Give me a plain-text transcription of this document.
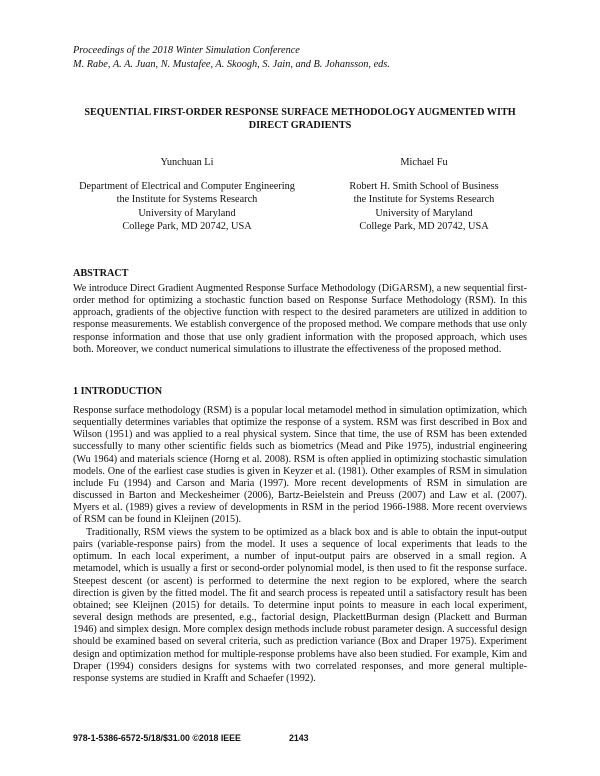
Proceedings of the 2018 Winter Simulation Conference
M. Rabe, A. A. Juan, N. Mustafee, A. Skoogh, S. Jain, and B. Johansson, eds.
SEQUENTIAL FIRST-ORDER RESPONSE SURFACE METHODOLOGY AUGMENTED WITH
DIRECT GRADIENTS
Yunchuan Li
Department of Electrical and Computer Engineering
the Institute for Systems Research
University of Maryland
College Park, MD 20742, USA
Michael Fu
Robert H. Smith School of Business
the Institute for Systems Research
University of Maryland
College Park, MD 20742, USA
ABSTRACT

We introduce Direct Gradient Augmented Response Surface Methodology (DiGARSM), a new sequential first-order method for optimizing a stochastic function based on Response Surface Methodology (RSM). In this approach, gradients of the objective function with respect to the desired parameters are utilized in addition to response measurements. We establish convergence of the proposed method. We compare methods that use only response information and those that use only gradient information with the proposed approach, which uses both. Moreover, we conduct numerical simulations to illustrate the effectiveness of the proposed method.

1 INTRODUCTION

Response surface methodology (RSM) is a popular local metamodel method in simulation optimization, which sequentially determines variables that optimize the response of a system. RSM was first described in Box and Wilson (1951) and was applied to a real physical system. Since that time, the use of RSM has been extended successfully to many other scientific fields such as biometrics (Mead and Pike 1975), industrial engineering (Wu 1964) and materials science (Horng et al. 2008). RSM is often applied in optimizing stochastic simulation models. One of the earliest case studies is given in Keyzer et al. (1981). Other examples of RSM in simulation include Fu (1994) and Carson and Maria (1997). More recent developments of RSM in simulation are discussed in Barton and Meckesheimer (2006), Bartz-Beielstein and Preuss (2007) and Law et al. (2007). Myers et al. (1989) gives a review of developments in RSM in the period 1966-1988. More recent overviews of RSM can be found in Kleijnen (2015).

Traditionally, RSM views the system to be optimized as a black box and is able to obtain the input-output pairs (variable-response pairs) from the model. It uses a sequence of local experiments that leads to the optimum. In each local experiment, a number of input-output pairs are observed in a small region. A metamodel, which is usually a first or second-order polynomial model, is then used to fit the response surface. Steepest descent (or ascent) is performed to determine the next region to be explored, where the search direction is given by the fitted model. The fit and search process is repeated until a satisfactory result has been obtained; see Kleijnen (2015) for details. To determine input points to measure in each local experiment, several design methods are presented, e.g., factorial design, PlackettBurman design (Plackett and Burman 1946) and simplex design. More complex design methods include robust parameter design. A successful design should be examined based on several criteria, such as prediction variance (Box and Draper 1975). Experiment design and optimization method for multiple-response problems have also been studied. For example, Kim and Draper (1994) considers designs for systems with two correlated responses, and more general multiple-response systems are studied in Krafft and Schaefer (1992).

978-1-5386-6572-5/18/$31.00 ©2018 IEEE	2143
